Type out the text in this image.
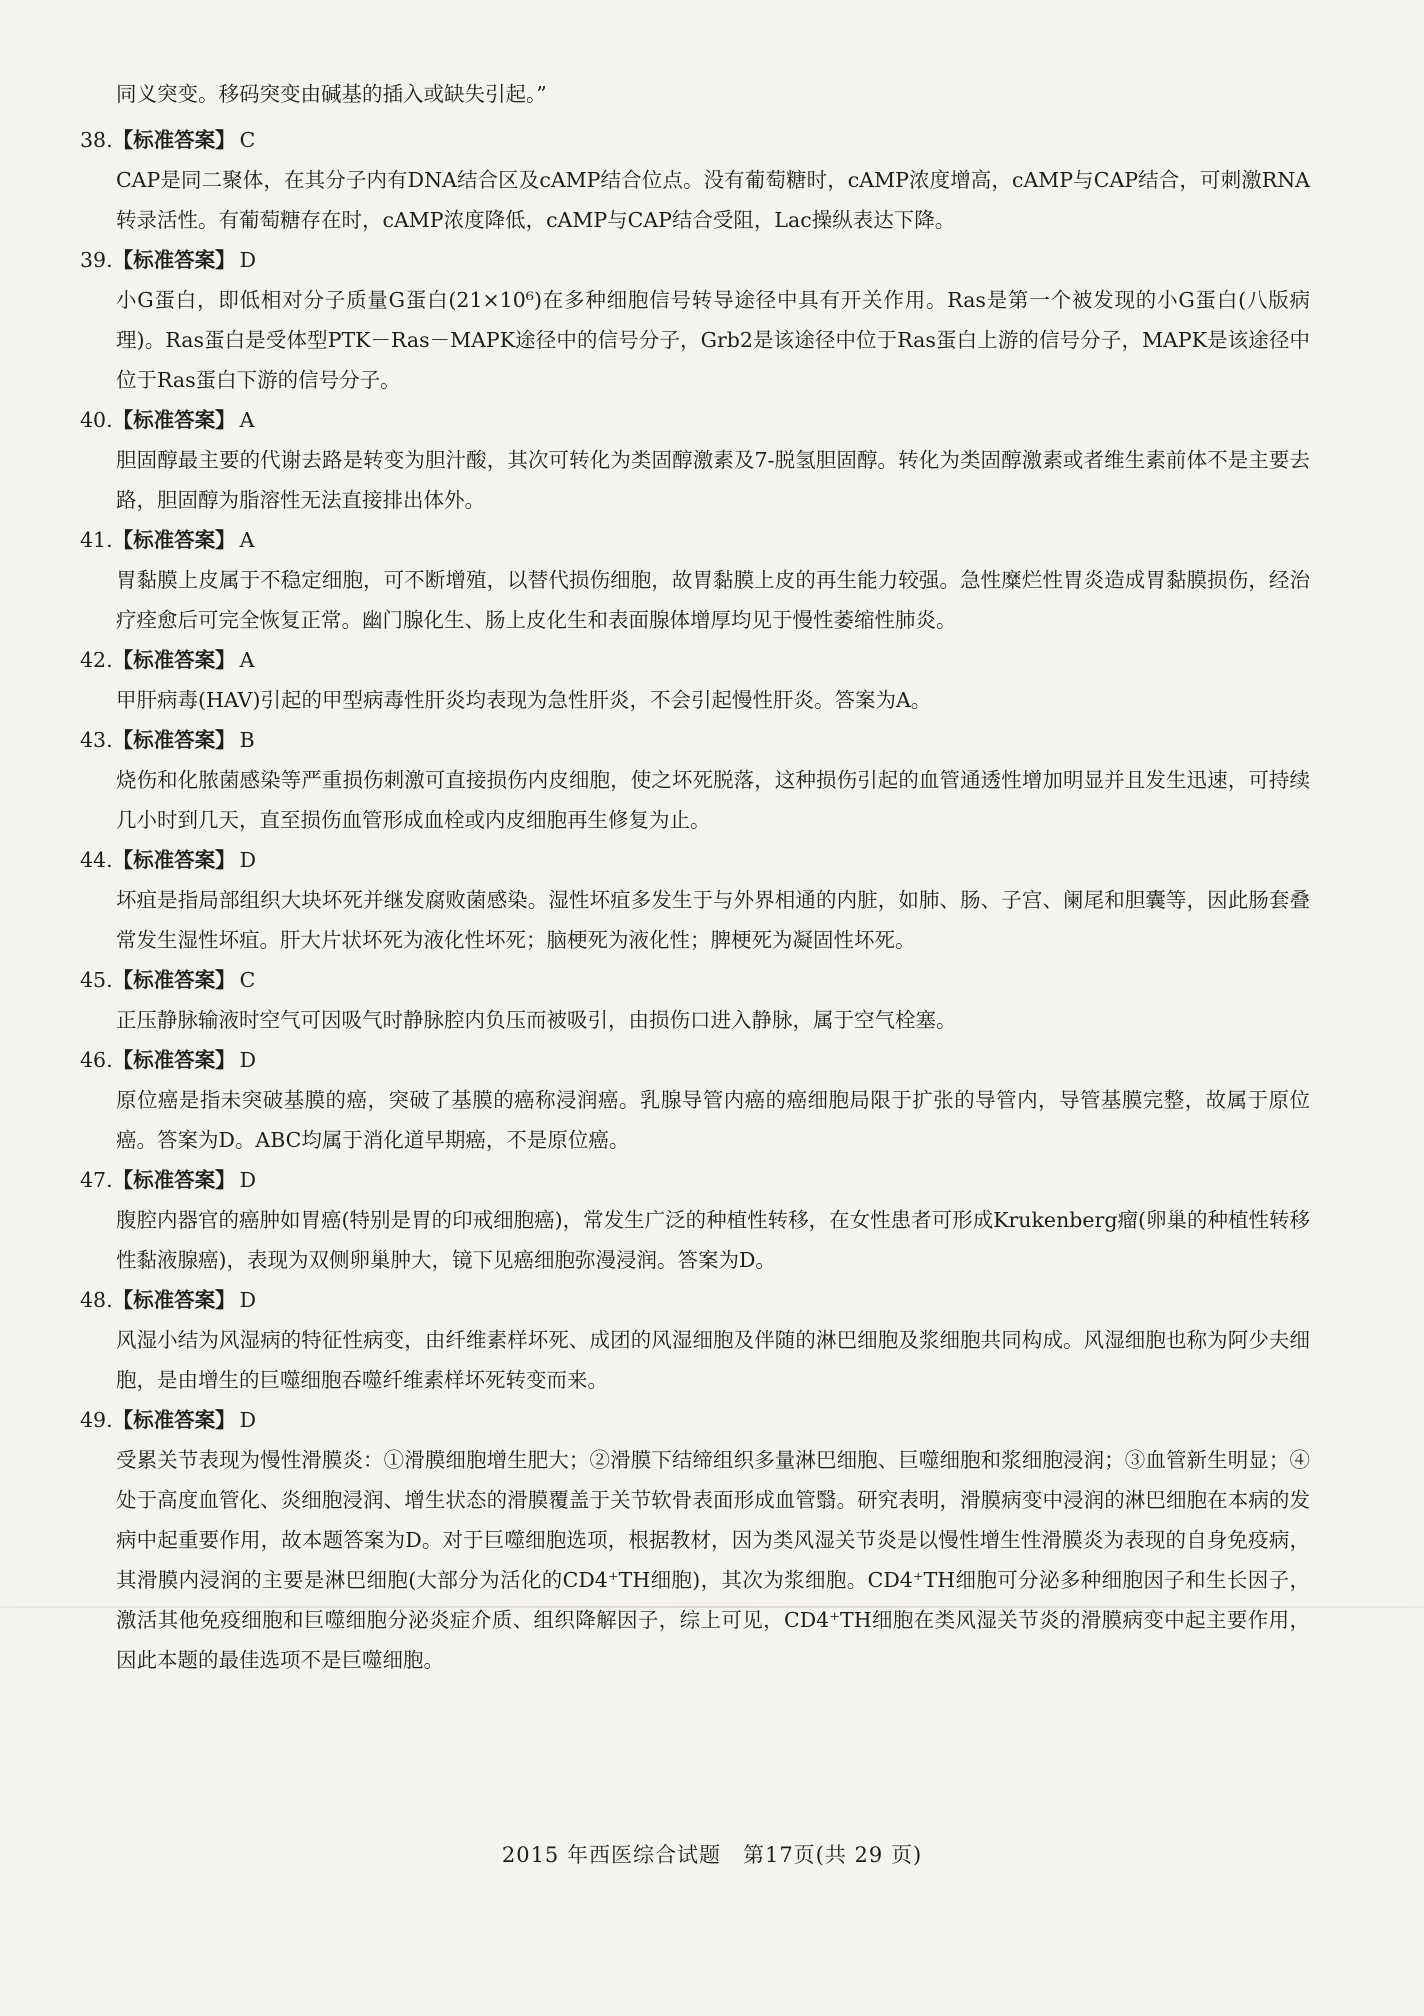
同义突变。移码突变由碱基的插入或缺失引起。”

38.【标准答案】 C

CAP是同二聚体，在其分子内有DNA结合区及cAMP结合位点。没有葡萄糖时，cAMP浓度增高，cAMP与CAP结合，可刺激RNA转录活性。有葡萄糖存在时，cAMP浓度降低，cAMP与CAP结合受阻，Lac操纵表达下降。

39.【标准答案】 D

小G蛋白，即低相对分子质量G蛋白(21×10⁶)在多种细胞信号转导途径中具有开关作用。Ras是第一个被发现的小G蛋白(八版病理)。Ras蛋白是受体型PTK－Ras－MAPK途径中的信号分子，Grb2是该途径中位于Ras蛋白上游的信号分子，MAPK是该途径中位于Ras蛋白下游的信号分子。

40.【标准答案】 A

胆固醇最主要的代谢去路是转变为胆汁酸，其次可转化为类固醇激素及7-脱氢胆固醇。转化为类固醇激素或者维生素前体不是主要去路，胆固醇为脂溶性无法直接排出体外。

41.【标准答案】 A

胃黏膜上皮属于不稳定细胞，可不断增殖，以替代损伤细胞，故胃黏膜上皮的再生能力较强。急性糜烂性胃炎造成胃黏膜损伤，经治疗痊愈后可完全恢复正常。幽门腺化生、肠上皮化生和表面腺体增厚均见于慢性萎缩性肺炎。

42.【标准答案】 A

甲肝病毒(HAV)引起的甲型病毒性肝炎均表现为急性肝炎，不会引起慢性肝炎。答案为A。

43.【标准答案】 B

烧伤和化脓菌感染等严重损伤刺激可直接损伤内皮细胞，使之坏死脱落，这种损伤引起的血管通透性增加明显并且发生迅速，可持续几小时到几天，直至损伤血管形成血栓或内皮细胞再生修复为止。

44.【标准答案】 D

坏疽是指局部组织大块坏死并继发腐败菌感染。湿性坏疽多发生于与外界相通的内脏，如肺、肠、子宫、阑尾和胆囊等，因此肠套叠常发生湿性坏疽。肝大片状坏死为液化性坏死；脑梗死为液化性；脾梗死为凝固性坏死。

45.【标准答案】 C

正压静脉输液时空气可因吸气时静脉腔内负压而被吸引，由损伤口进入静脉，属于空气栓塞。

46.【标准答案】 D

原位癌是指未突破基膜的癌，突破了基膜的癌称浸润癌。乳腺导管内癌的癌细胞局限于扩张的导管内，导管基膜完整，故属于原位癌。答案为D。ABC均属于消化道早期癌，不是原位癌。

47.【标准答案】 D

腹腔内器官的癌肿如胃癌(特别是胃的印戒细胞癌)，常发生广泛的种植性转移，在女性患者可形成Krukenberg瘤(卵巢的种植性转移性黏液腺癌)，表现为双侧卵巢肿大，镜下见癌细胞弥漫浸润。答案为D。

48.【标准答案】 D

风湿小结为风湿病的特征性病变，由纤维素样坏死、成团的风湿细胞及伴随的淋巴细胞及浆细胞共同构成。风湿细胞也称为阿少夫细胞，是由增生的巨噬细胞吞噬纤维素样坏死转变而来。

49.【标准答案】 D

受累关节表现为慢性滑膜炎：①滑膜细胞增生肥大；②滑膜下结缔组织多量淋巴细胞、巨噬细胞和浆细胞浸润；③血管新生明显；④处于高度血管化、炎细胞浸润、增生状态的滑膜覆盖于关节软骨表面形成血管翳。研究表明，滑膜病变中浸润的淋巴细胞在本病的发病中起重要作用，故本题答案为D。对于巨噬细胞选项，根据教材，因为类风湿关节炎是以慢性增生性滑膜炎为表现的自身免疫病，其滑膜内浸润的主要是淋巴细胞(大部分为活化的CD4⁺TH细胞)，其次为浆细胞。CD4⁺TH细胞可分泌多种细胞因子和生长因子，激活其他免疫细胞和巨噬细胞分泌炎症介质、组织降解因子，综上可见，CD4⁺TH细胞在类风湿关节炎的滑膜病变中起主要作用，因此本题的最佳选项不是巨噬细胞。

2015 年西医综合试题　第17页(共 29 页)
